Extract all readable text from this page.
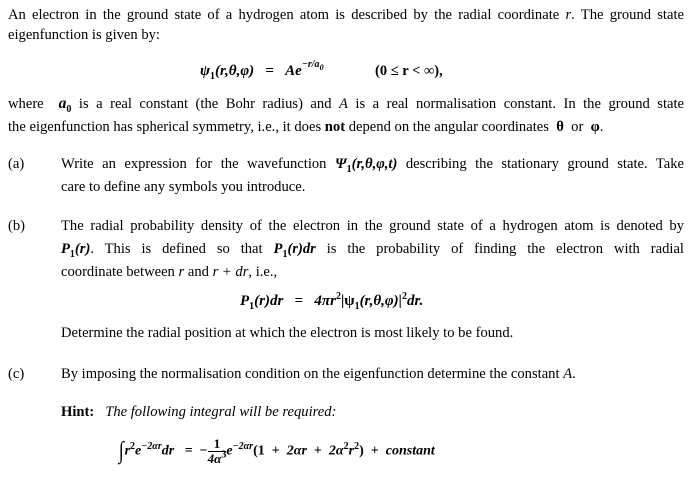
An electron in the ground state of a hydrogen atom is described by the radial coordinate r. The ground state
eigenfunction is given by:
$\psi_1(r,\theta,\varphi) = Ae^{-r/a_0}$	(0 ≤ r < ∞),
where $a_0$ is a real constant (the Bohr radius) and A is a real normalisation constant. In the ground state
the eigenfunction has spherical symmetry, i.e., it does not depend on the angular coordinates θ or φ.
(a)	Write an expression for the wavefunction $\Psi_1(r,\theta,\varphi,t)$ describing the stationary ground state. Take
care to define any symbols you introduce.
(b) The radial probability density of the electron in the ground state of a hydrogen atom is denoted by
$P_1(r)$. This is defined so that $P_1(r)dr$ is the probability of finding the electron with radial
coordinate between r and r + dr, i.e.,
$P_1(r)dr = 4\pi r^2|\psi_1(r,\theta,\varphi)|^2dr$.
Determine the radial position at which the electron is most likely to be found.
(c)	By imposing the normalisation condition on the eigenfunction determine the constant A.
Hint: The following integral will be required:
$\int r^2e^{-2\alpha r}dr$ = − $\frac{1}{4\alpha^3} e^{-2\alpha r}(1 + 2\alpha r + 2\alpha^2r^2)$ + constant
